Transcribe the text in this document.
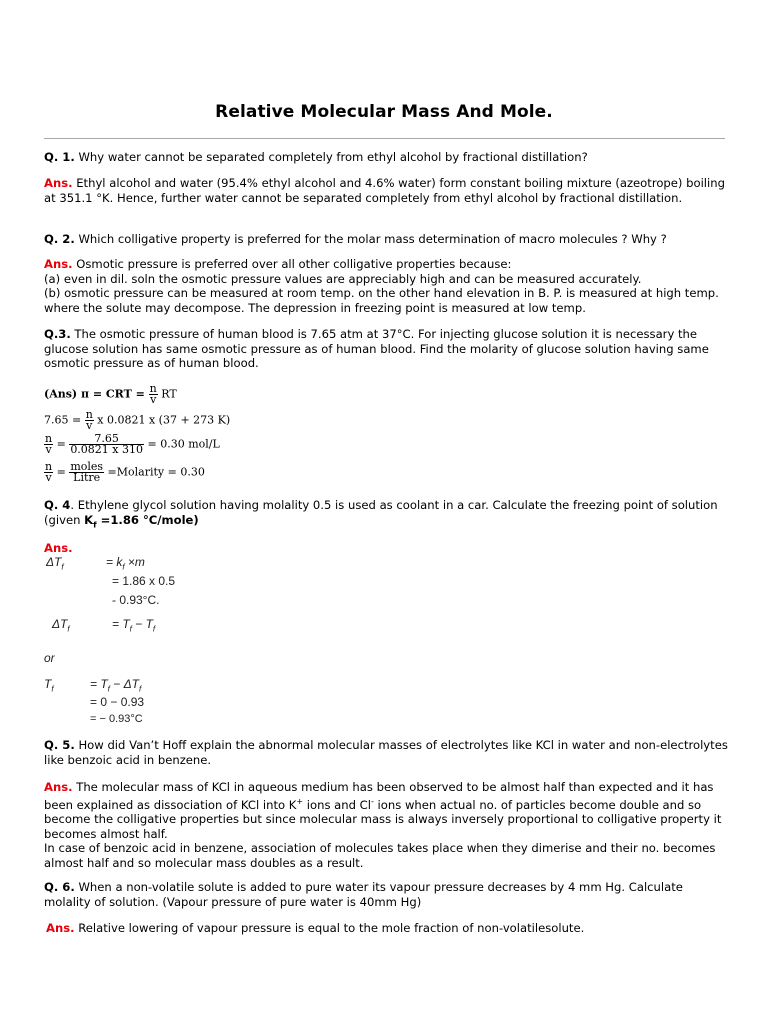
Relative Molecular Mass And Mole.
Q. 1. Why water cannot be separated completely from ethyl alcohol by fractional distillation?
Ans. Ethyl alcohol and water (95.4% ethyl alcohol and 4.6% water) form constant boiling mixture (azeotrope) boiling at 351.1 °K. Hence, further water cannot be separated completely from ethyl alcohol by fractional distillation.
Q. 2. Which colligative property is preferred for the molar mass determination of macro molecules ? Why ?
Ans. Osmotic pressure is preferred over all other colligative properties because:
(a) even in dil. soln the osmotic pressure values are appreciably high and can be measured accurately.
(b) osmotic pressure can be measured at room temp. on the other hand elevation in B. P. is measured at high temp. where the solute may decompose. The depression in freezing point is measured at low temp.
Q.3. The osmotic pressure of human blood is 7.65 atm at 37°C. For injecting glucose solution it is necessary the glucose solution has same osmotic pressure as of human blood. Find the molarity of glucose solution having same osmotic pressure as of human blood.
(Ans) π = CRT = $\frac{n}{v}$ RT
$7.65 = \frac{n}{v}$ x 0.0821 x (37 + 273 K)
$\frac{n}{v} = \frac{7.65}{0.0821 x 310} = 0.30$ mol/L
$\frac{n}{v} = \frac{\text{moles}}{\text{Litre}}$ =Molarity = 0.30
Q. 4. Ethylene glycol solution having molality 0.5 is used as coolant in a car. Calculate the freezing point of solution (given $K_f =1.86$ °C/mole)
Ans.
$\Delta T_f$	= $k_f \times m$
= 1.86 x 0.5
- 0.93°C.
$\Delta T_f$	= $T_f - T_f$
or
$T_f$	= $T_f - \Delta T_f$
= 0 − 0.93
= − 0.93°C
Q. 5. How did Van’t Hoff explain the abnormal molecular masses of electrolytes like KCl in water and non-electrolytes like benzoic acid in benzene.
Ans. The molecular mass of KCl in aqueous medium has been observed to be almost half than expected and it has been explained as dissociation of KCl into K+ ions and Cl- ions when actual no. of particles become double and so become the colligative properties but since molecular mass is always inversely proportional to colligative property it becomes almost half.
In case of benzoic acid in benzene, association of molecules takes place when they dimerise and their no. becomes almost half and so molecular mass doubles as a result.
Q. 6. When a non-volatile solute is added to pure water its vapour pressure decreases by 4 mm Hg. Calculate molality of solution. (Vapour pressure of pure water is 40mm Hg)
Ans. Relative lowering of vapour pressure is equal to the mole fraction of non-volatilesolute.
